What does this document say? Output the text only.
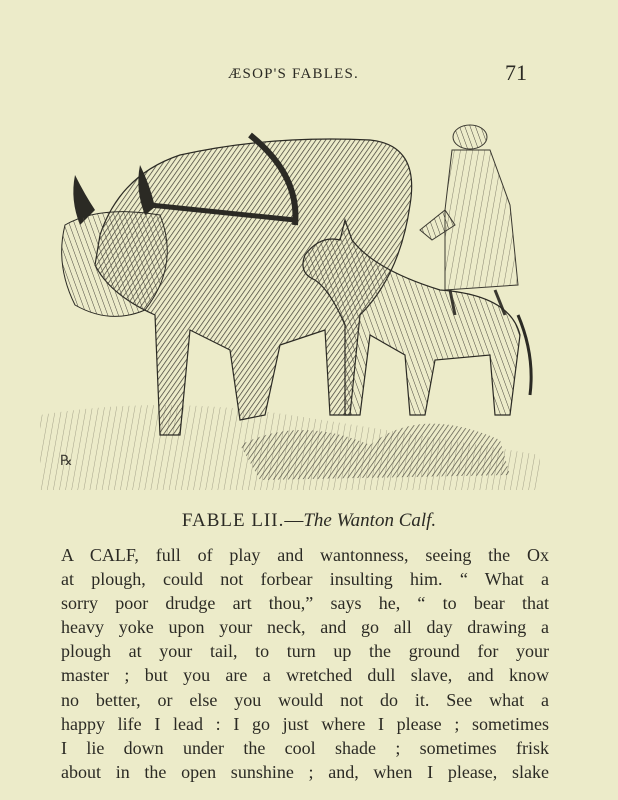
ÆSOP'S FABLES.	71
℞
FABLE LII.—The Wanton Calf.
A CALF, full of play and wantonness, seeing the Ox
at plough, could not forbear insulting him. “ What a
sorry poor drudge art thou,” says he, “ to bear that
heavy yoke upon your neck, and go all day drawing a
plough at your tail, to turn up the ground for your
master ; but you are a wretched dull slave, and know
no better, or else you would not do it. See what a
happy life I lead : I go just where I please ; sometimes
I lie down under the cool shade ; sometimes frisk
about in the open sunshine ; and, when I please, slake
